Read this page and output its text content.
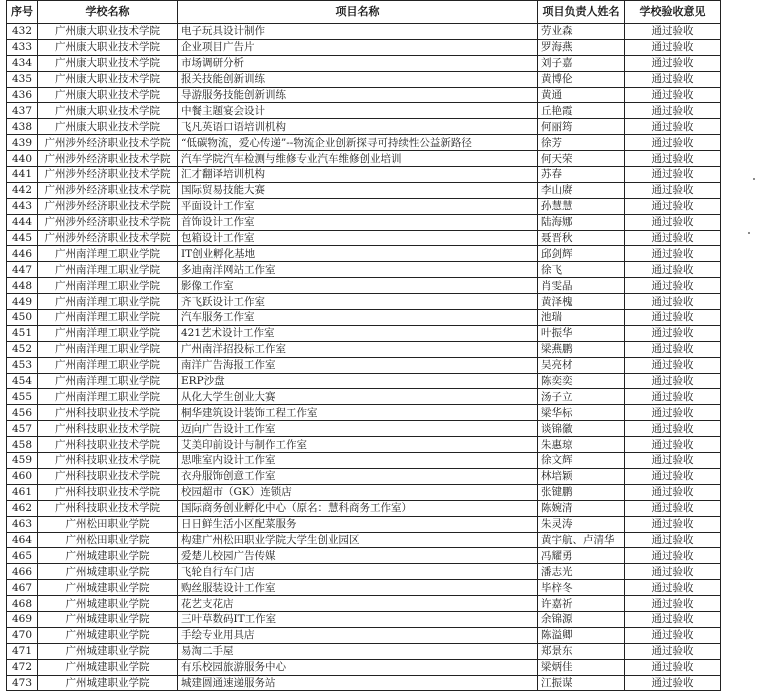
序号	学校名称	项目名称	项目负责人姓名	学校验收意见
432	广州康大职业技术学院	电子玩具设计制作	劳业森	通过验收
433	广州康大职业技术学院	企业项目广告片	罗海燕	通过验收
434	广州康大职业技术学院	市场调研分析	刘子嘉	通过验收
435	广州康大职业技术学院	报关技能创新训练	黄博伦	通过验收
436	广州康大职业技术学院	导游服务技能创新训练	黄通	通过验收
437	广州康大职业技术学院	中餐主题宴会设计	丘艳霞	通过验收
438	广州康大职业技术学院	飞凡英语口语培训机构	何丽筠	通过验收
439	广州涉外经济职业技术学院	“低碳物流，爱心传递”--物流企业创新探寻可持续性公益新路径	徐芳	通过验收
440	广州涉外经济职业技术学院	汽车学院汽车检测与维修专业汽车维修创业培训	何天荣	通过验收
441	广州涉外经济职业技术学院	汇才翻译培训机构	苏春	通过验收
442	广州涉外经济职业技术学院	国际贸易技能大赛	李山赓	通过验收
443	广州涉外经济职业技术学院	平面设计工作室	孙慧慧	通过验收
444	广州涉外经济职业技术学院	首饰设计工作室	陆海娜	通过验收
445	广州涉外经济职业技术学院	包箱设计工作室	聂晋秋	通过验收
446	广州南洋理工职业学院	IT创业孵化基地	邱剑辉	通过验收
447	广州南洋理工职业学院	多迪南洋网站工作室	徐飞	通过验收
448	广州南洋理工职业学院	影像工作室	肖雯晶	通过验收
449	广州南洋理工职业学院	齐飞跃设计工作室	黄泽槐	通过验收
450	广州南洋理工职业学院	汽车服务工作室	池瑞	通过验收
451	广州南洋理工职业学院	421艺术设计工作室	叶振华	通过验收
452	广州南洋理工职业学院	广州南洋招投标工作室	梁燕鹏	通过验收
453	广州南洋理工职业学院	南洋广告海报工作室	吴亮材	通过验收
454	广州南洋理工职业学院	ERP沙盘	陈奕奕	通过验收
455	广州南洋理工职业学院	从化大学生创业大赛	汤子立	通过验收
456	广州科技职业技术学院	桐华建筑设计装饰工程工作室	梁华标	通过验收
457	广州科技职业技术学院	迈向广告设计工作室	谈锦徽	通过验收
458	广州科技职业技术学院	艾美印前设计与制作工作室	朱惠琼	通过验收
459	广州科技职业技术学院	思唯室内设计工作室	徐文辉	通过验收
460	广州科技职业技术学院	衣舟服饰创意工作室	林培颖	通过验收
461	广州科技职业技术学院	校园超市（GK）连锁店	张键鹏	通过验收
462	广州科技职业技术学院	国际商务创业孵化中心（原名：慧科商务工作室）	陈婉清	通过验收
463	广州松田职业学院	日日鲜生活小区配菜服务	朱灵涛	通过验收
464	广州松田职业学院	构建广州松田职业学院大学生创业园区	黄宇航、卢清华	通过验收
465	广州城建职业学院	爱楚儿校园广告传媒	冯耀勇	通过验收
466	广州城建职业学院	飞轮自行车门店	潘志光	通过验收
467	广州城建职业学院	购丝服装设计工作室	毕梓冬	通过验收
468	广州城建职业学院	花艺支花店	许嘉祈	通过验收
469	广州城建职业学院	三叶草数码IT工作室	余锦源	通过验收
470	广州城建职业学院	手绘专业用具店	陈溢卿	通过验收
471	广州城建职业学院	易淘二手屋	郑景东	通过验收
472	广州城建职业学院	有乐校园旅游服务中心	梁炳佳	通过验收
473	广州城建职业学院	城建圆通速递服务站	江振谋	通过验收
